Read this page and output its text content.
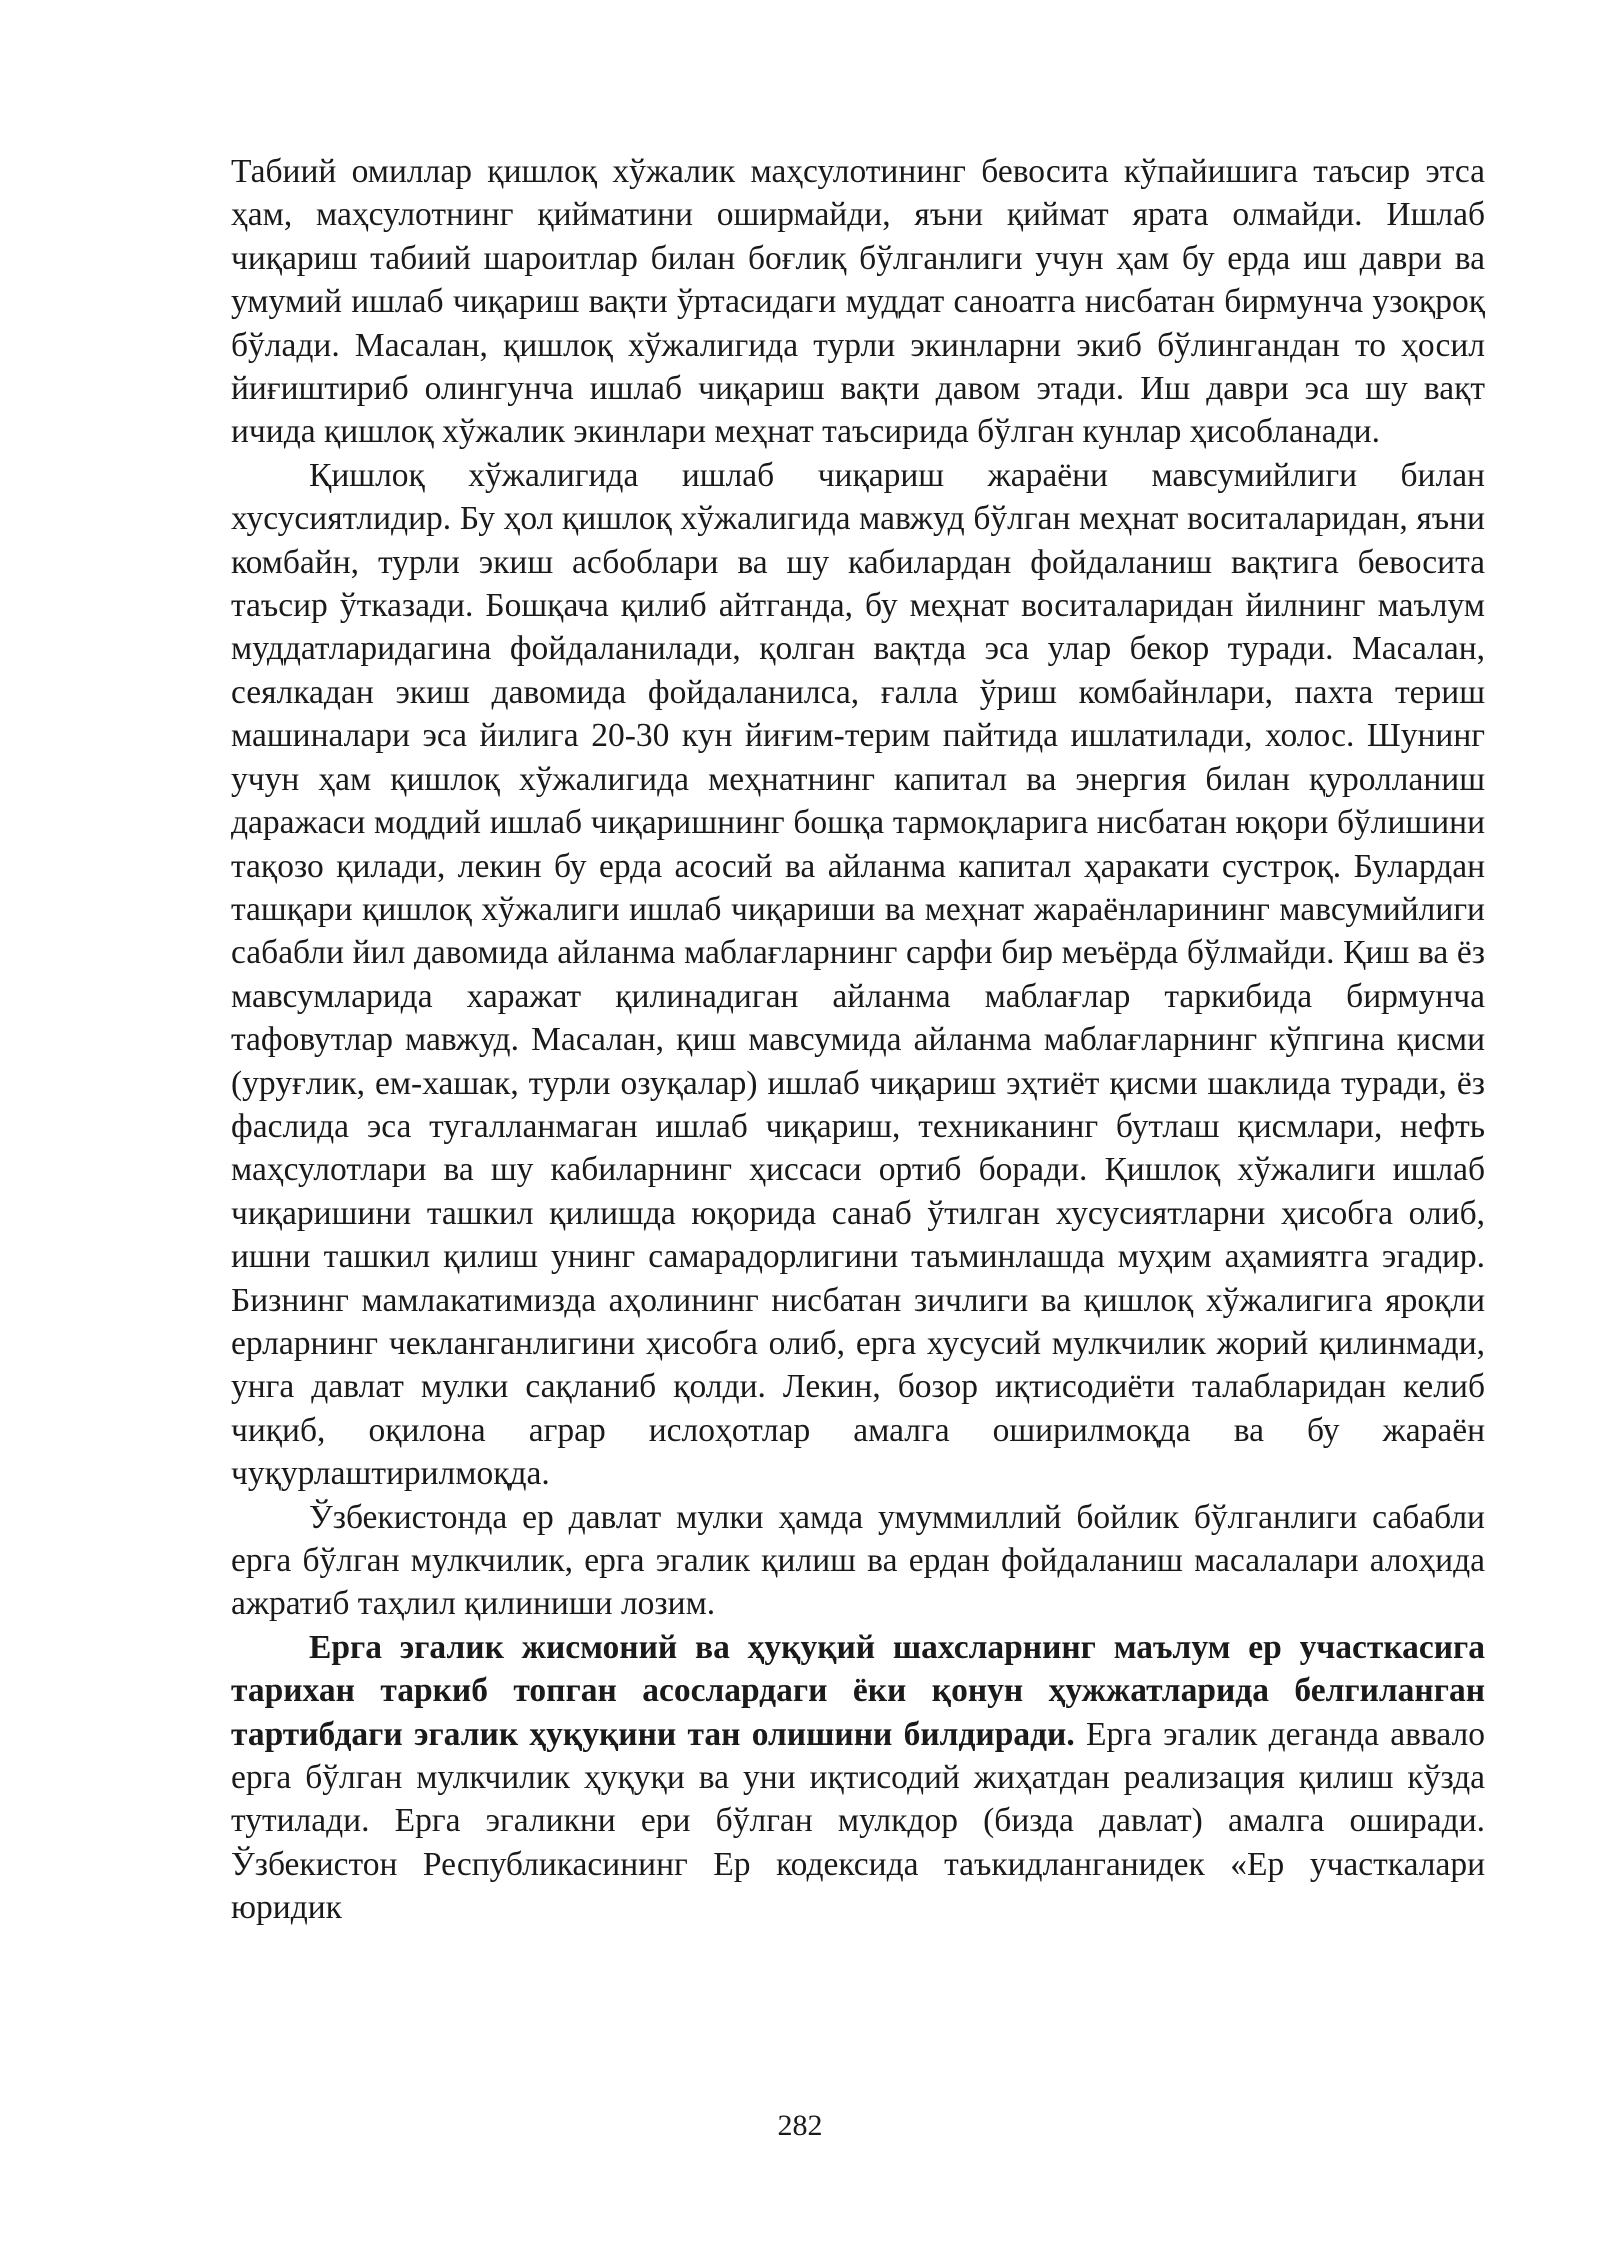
Табиий омиллар қишлоқ хўжалик маҳсулотининг бевосита кўпайишига таъсир этса ҳам, маҳсулотнинг қийматини оширмайди, яъни қиймат ярата олмайди. Ишлаб чиқариш табиий шароитлар билан боғлиқ бўлганлиги учун ҳам бу ерда иш даври ва умумий ишлаб чиқариш вақти ўртасидаги муддат саноатга нисбатан бирмунча узоқроқ бўлади. Масалан, қишлоқ хўжалигида турли экинларни экиб бўлингандан то ҳосил йиғиштириб олингунча ишлаб чиқариш вақти давом этади. Иш даври эса шу вақт ичида қишлоқ хўжалик экинлари меҳнат таъсирида бўлган кунлар ҳисобланади.

Қишлоқ хўжалигида ишлаб чиқариш жараёни мавсумийлиги билан хусусиятлидир. Бу ҳол қишлоқ хўжалигида мавжуд бўлган меҳнат воситаларидан, яъни комбайн, турли экиш асбоблари ва шу кабилардан фойдаланиш вақтига бевосита таъсир ўтказади. Бошқача қилиб айтганда, бу меҳнат воситаларидан йилнинг маълум муддатларидагина фойдаланилади, қолган вақтда эса улар бекор туради. Масалан, сеялкадан экиш давомида фойдаланилса, ғалла ўриш комбайнлари, пахта териш машиналари эса йилига 20-30 кун йиғим-терим пайтида ишлатилади, холос. Шунинг учун ҳам қишлоқ хўжалигида меҳнатнинг капитал ва энергия билан қуролланиш даражаси моддий ишлаб чиқаришнинг бошқа тармоқларига нисбатан юқори бўлишини тақозо қилади, лекин бу ерда асосий ва айланма капитал ҳаракати сустроқ. Булардан ташқари қишлоқ хўжалиги ишлаб чиқариши ва меҳнат жараёнларининг мавсумийлиги сабабли йил давомида айланма маблағларнинг сарфи бир меъёрда бўлмайди. Қиш ва ёз мавсумларида харажат қилинадиган айланма маблағлар таркибида бирмунча тафовутлар мавжуд. Масалан, қиш мавсумида айланма маблағларнинг кўпгина қисми (уруғлик, ем-хашак, турли озуқалар) ишлаб чиқариш эҳтиёт қисми шаклида туради, ёз фаслида эса тугалланмаган ишлаб чиқариш, техниканинг бутлаш қисмлари, нефть маҳсулотлари ва шу кабиларнинг ҳиссаси ортиб боради. Қишлоқ хўжалиги ишлаб чиқаришини ташкил қилишда юқорида санаб ўтилган хусусиятларни ҳисобга олиб, ишни ташкил қилиш унинг самарадорлигини таъминлашда муҳим аҳамиятга эгадир. Бизнинг мамлакатимизда аҳолининг нисбатан зичлиги ва қишлоқ хўжалигига яроқли ерларнинг чекланганлигини ҳисобга олиб, ерга хусусий мулкчилик жорий қилинмади, унга давлат мулки сақланиб қолди. Лекин, бозор иқтисодиёти талабларидан келиб чиқиб, оқилона аграр ислоҳотлар амалга оширилмоқда ва бу жараён чуқурлаштирилмоқда.

Ўзбекистонда ер давлат мулки ҳамда умуммиллий бойлик бўлганлиги сабабли ерга бўлган мулкчилик, ерга эгалик қилиш ва ердан фойдаланиш масалалари алоҳида ажратиб таҳлил қилиниши лозим.

Ерга эгалик жисмоний ва ҳуқуқий шахсларнинг маълум ер участкасига тарихан таркиб топган асослардаги ёки қонун ҳужжатларида белгиланган тартибдаги эгалик ҳуқуқини тан олишини билдиради. Ерга эгалик деганда аввало ерга бўлган мулкчилик ҳуқуқи ва уни иқтисодий жиҳатдан реализация қилиш кўзда тутилади. Ерга эгаликни ери бўлган мулкдор (бизда давлат) амалга оширади. Ўзбекистон Республикасининг Ер кодексида таъкидланганидек «Ер участкалари юридик

282
